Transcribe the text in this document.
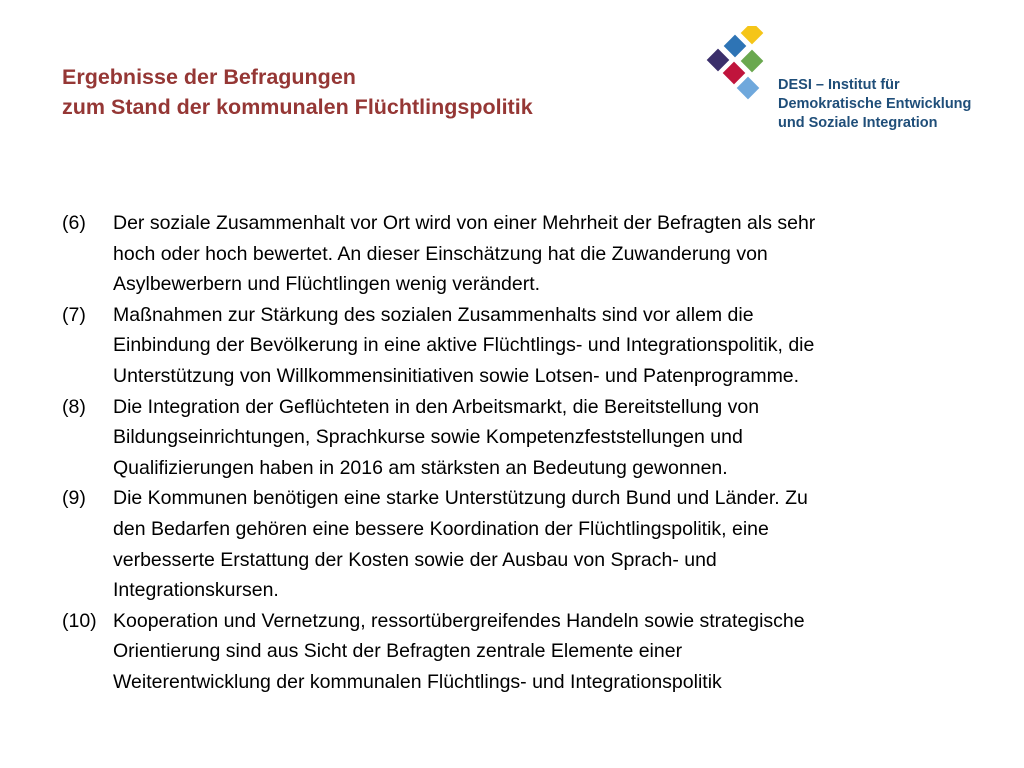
Ergebnisse der Befragungen
zum Stand der kommunalen Flüchtlingspolitik
DESI – Institut für
Demokratische Entwicklung
und Soziale Integration
(6) Der soziale Zusammenhalt vor Ort wird von einer Mehrheit der Befragten als sehr
hoch oder hoch bewertet. An dieser Einschätzung hat die Zuwanderung von
Asylbewerbern und Flüchtlingen wenig verändert.
(7) Maßnahmen zur Stärkung des sozialen Zusammenhalts sind vor allem die
Einbindung der Bevölkerung in eine aktive Flüchtlings- und Integrationspolitik, die
Unterstützung von Willkommensinitiativen sowie Lotsen- und Patenprogramme.
(8) Die Integration der Geflüchteten in den Arbeitsmarkt, die Bereitstellung von
Bildungseinrichtungen, Sprachkurse sowie Kompetenzfeststellungen und
Qualifizierungen haben in 2016 am stärksten an Bedeutung gewonnen.
(9) Die Kommunen benötigen eine starke Unterstützung durch Bund und Länder. Zu
den Bedarfen gehören eine bessere Koordination der Flüchtlingspolitik, eine
verbesserte Erstattung der Kosten sowie der Ausbau von Sprach- und
Integrationskursen.
(10) Kooperation und Vernetzung, ressortübergreifendes Handeln sowie strategische
Orientierung sind aus Sicht der Befragten zentrale Elemente einer
Weiterentwicklung der kommunalen Flüchtlings- und Integrationspolitik
